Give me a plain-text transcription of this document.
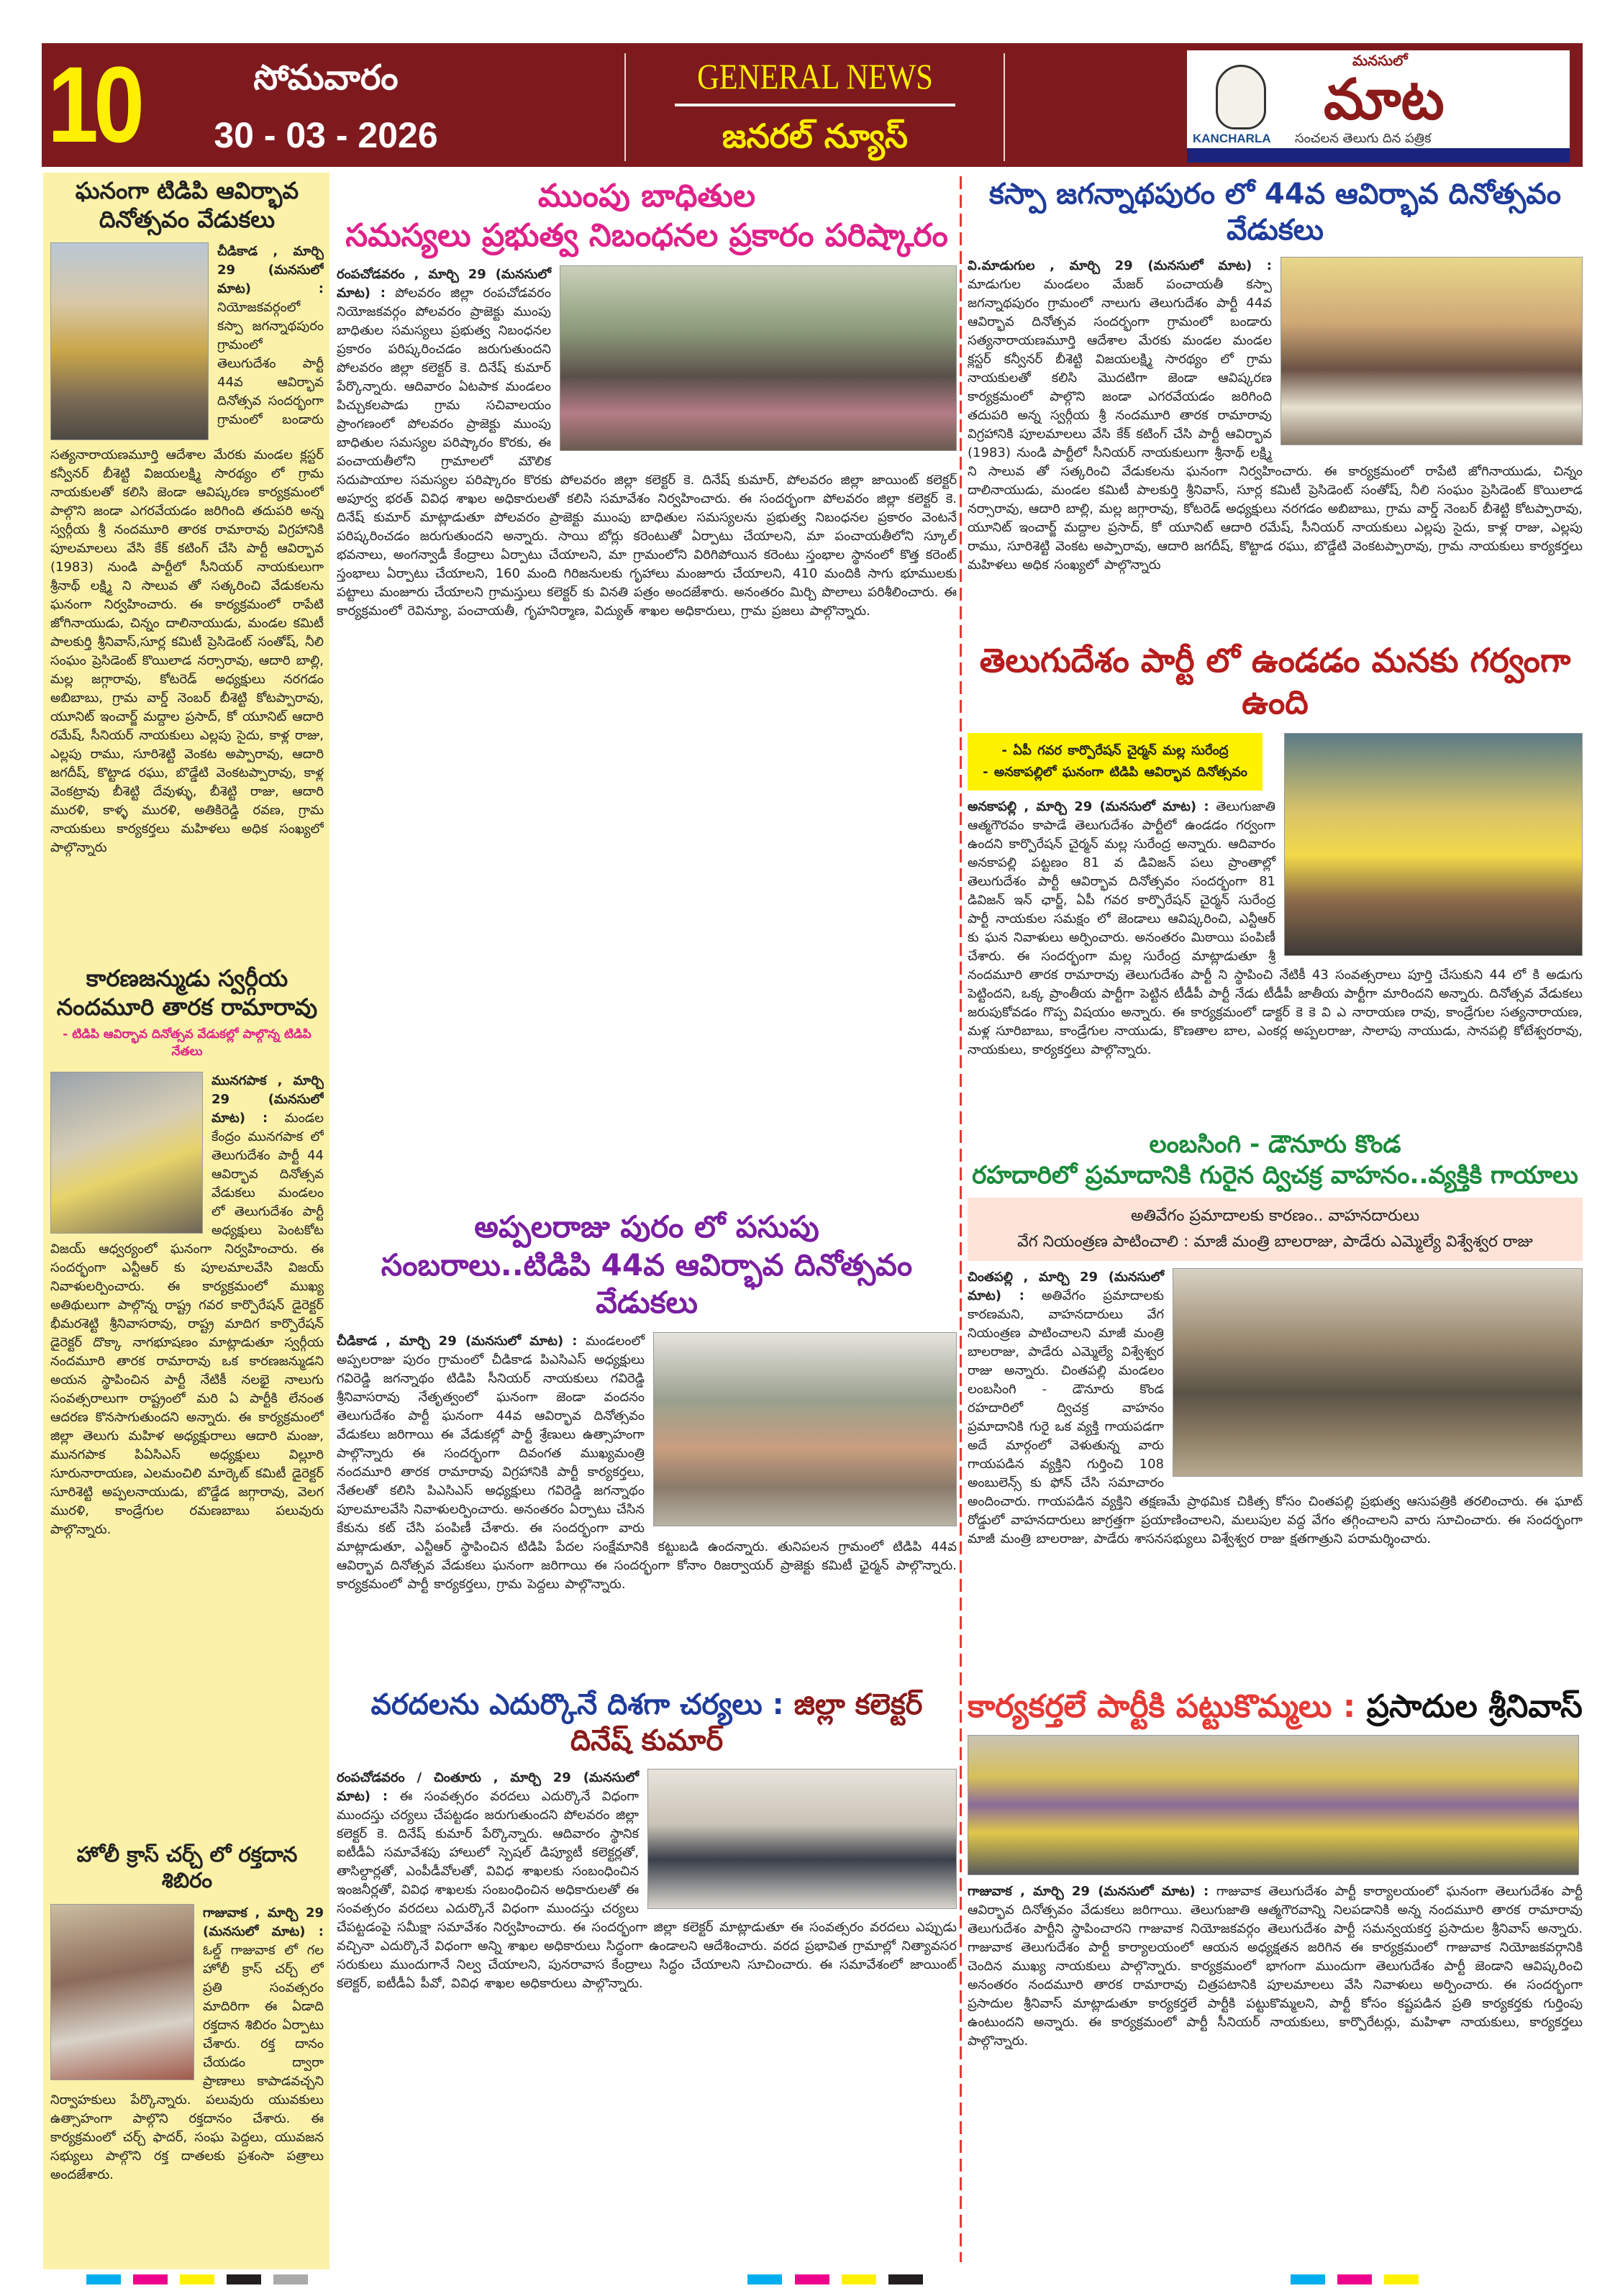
10	సోమవారం
30 - 03 - 2026
GENERAL NEWS
జనరల్ న్యూస్	KANCHARLA
మనసులో
మాట
సంచలన తెలుగు దిన పత్రిక
ఘనంగా టిడిపి ఆవిర్భావ దినోత్సవం వేడుకలు
చీడికాడ , మార్చి 29 (మనసులో మాట) : నియోజకవర్గంలో కస్పా జగన్నాథపురం గ్రామంలో తెలుగుదేశం పార్టీ 44వ ఆవిర్భావ దినోత్సవ సందర్భంగా గ్రామంలో బండారు సత్యనారాయణమూర్తి ఆదేశాల మేరకు మండల క్లస్టర్ కన్వీనర్ బీశెట్టి విజయలక్ష్మి సారథ్యం లో గ్రామ నాయకులతో కలిసి జెండా ఆవిష్కరణ కార్యక్రమంలో పాల్గొని జండా ఎగరవేయడం జరిగింది తదుపరి అన్న స్వర్గీయ శ్రీ నందమూరి తారక రామారావు విగ్రహానికి పూలమాలలు వేసి కేక్ కటింగ్ చేసి పార్టీ ఆవిర్భావ (1983) నుండి పార్టీలో సీనియర్ నాయకులుగా శ్రీనాథ్ లక్ష్మి ని సాలువ తో సత్కరించి వేడుకలను ఘనంగా నిర్వహించారు. ఈ కార్యక్రమంలో రాపేటి జోగినాయుడు, చిన్నం దాలినాయుడు, మండల కమిటీ పాలకుర్తి శ్రీనివాస్,సూర్ల కమిటీ ప్రెసిడెంట్ సంతోష్, నీలి సంఘం ప్రెసిడెంట్ కొయిలాడ నర్సారావు, ఆదారి బాల్లి, మల్ల జగ్గారావు, కోటరెడ్ అధ్యక్షులు నరగడం అబిబాబు, గ్రామ వార్డ్ నెంబర్ బీశెట్టి కోటప్పారావు, యూనిట్ ఇంచార్జ్ మద్దాల ప్రసాద్, కో యూనిట్ ఆదారి రమేష్, సీనియర్ నాయకులు ఎల్లపు సైదు, కాళ్ల రాజు, ఎల్లపు రాము, సూరిశెట్టి వెంకట అప్పారావు, ఆదారి జగదీష్, కొట్టాడ రఘు, బొడ్డేటి వెంకటప్పారావు, కాళ్ల వెంకట్రావు బీశెట్టి దేవుళ్ళు, బీశెట్టి రాజు, ఆదారి మురళి, కాళ్ళ మురళి, అతికిరెడ్డి రవణ, గ్రామ నాయకులు కార్యకర్తలు మహిళలు అధిక సంఖ్యలో పాల్గొన్నారు
కారణజన్ముడు స్వర్గీయ నందమూరి తారక రామారావు
- టిడిపి ఆవిర్భావ దినోత్సవ వేడుకల్లో పాల్గొన్న టిడిపి నేతలు
మునగపాక , మార్చి 29 (మనసులో మాట) : మండల కేంద్రం మునగపాక లో తెలుగుదేశం పార్టీ 44 ఆవిర్భావ దినోత్సవ వేడుకలు మండలం లో తెలుగుదేశం పార్టీ అధ్యక్షులు పెంటకోట విజయ్ ఆధ్వర్యంలో ఘనంగా నిర్వహించారు. ఈ సందర్భంగా ఎన్టీఆర్ కు పూలమాలవేసి విజయ్ నివాళులర్పించారు. ఈ కార్యక్రమంలో ముఖ్య అతిథులుగా పాల్గొన్న రాష్ట్ర గవర కార్పొరేషన్ డైరెక్టర్ భీమరశెట్టి శ్రీనివాసరావు, రాష్ట్ర మాదిగ కార్పొరేషన్ డైరెక్టర్ దొక్కా నాగభూషణం మాట్లాడుతూ స్వర్గీయ నందమూరి తారక రామారావు ఒక కారణజన్ముడని అయన స్థాపించిన పార్టీ నేటికీ నలభై నాలుగు సంవత్సరాలుగా రాష్ట్రంలో మరి ఏ పార్టీకి లేనంత ఆదరణ కొనసాగుతుందని అన్నారు. ఈ కార్యక్రమంలో జిల్లా తెలుగు మహిళ అధ్యక్షురాలు ఆదారి మంజు, మునగపాక పిఏసిఎస్ అధ్యక్షులు విల్లూరి సూరునారాయణ, ఎలమంచిలి మార్కెట్ కమిటీ డైరెక్టర్ సూరిశెట్టి అప్పలనాయుడు, బొడ్డేడ జగ్గారావు, వెలగ మురళి, కాండ్రేగుల రమణబాబు పలువురు పాల్గొన్నారు.
హోలీ క్రాస్ చర్చ్ లో రక్తదాన శిబిరం
గాజువాక , మార్చి 29 (మనసులో మాట) : ఓల్డ్ గాజువాక లో గల హోలీ క్రాస్ చర్చ్ లో ప్రతి సంవత్సరం మాదిరిగా ఈ ఏడాది రక్తదాన శిబిరం ఏర్పాటు చేశారు. రక్త దానం చేయడం ద్వారా ప్రాణాలు కాపాడవచ్చని నిర్వాహకులు పేర్కొన్నారు. పలువురు యువకులు ఉత్సాహంగా పాల్గొని రక్తదానం చేశారు. ఈ కార్యక్రమంలో చర్చ్ ఫాదర్, సంఘ పెద్దలు, యువజన సభ్యులు పాల్గొని రక్త దాతలకు ప్రశంసా పత్రాలు అందజేశారు.
ముంపు బాధితుల
సమస్యలు ప్రభుత్వ నిబంధనల ప్రకారం పరిష్కారం
రంపచోడవరం , మార్చి 29 (మనసులో మాట) : పోలవరం జిల్లా రంపచోడవరం నియోజకవర్గం పోలవరం ప్రాజెక్టు ముంపు బాధితుల సమస్యలు ప్రభుత్వ నిబంధనల ప్రకారం పరిష్కరించడం జరుగుతుందని పోలవరం జిల్లా కలెక్టర్ కె. దినేష్ కుమార్ పేర్కొన్నారు. ఆదివారం ఏటపాక మండలం పిచ్చుకలపాడు గ్రామ సచివాలయం ప్రాంగణంలో పోలవరం ప్రాజెక్టు ముంపు బాధితుల సమస్యల పరిష్కారం కొరకు, ఈ పంచాయతీలోని గ్రామాలలో మౌలిక సదుపాయాల సమస్యల పరిష్కారం కొరకు పోలవరం జిల్లా కలెక్టర్ కె. దినేష్ కుమార్, పోలవరం జిల్లా జాయింట్ కలెక్టర్ అపూర్వ భరత్ వివిధ శాఖల అధికారులతో కలిసి సమావేశం నిర్వహించారు. ఈ సందర్భంగా పోలవరం జిల్లా కలెక్టర్ కె. దినేష్ కుమార్ మాట్లాడుతూ పోలవరం ప్రాజెక్టు ముంపు బాధితుల సమస్యలను ప్రభుత్వ నిబంధనల ప్రకారం వెంటనే పరిష్కరించడం జరుగుతుందని అన్నారు. సాయి బోర్లు కరెంటుతో ఏర్పాటు చేయాలని, మా పంచాయతీలోని స్కూల్ భవనాలు, అంగన్వాడీ కేంద్రాలు ఏర్పాటు చేయాలని, మా గ్రామంలోని విరిగిపోయిన కరెంటు స్తంభాల స్థానంలో కొత్త కరెంట్ స్తంభాలు ఏర్పాటు చేయాలని, 160 మంది గిరిజనులకు గృహాలు మంజూరు చేయాలని, 410 మందికి సాగు భూములకు పట్టాలు మంజూరు చేయాలని గ్రామస్తులు కలెక్టర్ కు వినతి పత్రం అందజేశారు. అనంతరం మిర్చి పొలాలు పరిశీలించారు. ఈ కార్యక్రమంలో రెవిన్యూ, పంచాయతీ, గృహనిర్మాణ, విద్యుత్ శాఖల అధికారులు, గ్రామ ప్రజలు పాల్గొన్నారు.
అప్పలరాజు పురం లో పసుపు
సంబరాలు..టిడిపి 44వ ఆవిర్భావ దినోత్సవం వేడుకలు
చీడికాడ , మార్చి 29 (మనసులో మాట) : మండలంలో అప్పలరాజు పురం గ్రామంలో చీడికాడ పిఎసిఎస్ అధ్యక్షులు గవిరెడ్డి జగన్నాథం టిడిపి సీనియర్ నాయకులు గవిరెడ్డి శ్రీనివాసరావు నేతృత్వంలో ఘనంగా జెండా వందనం తెలుగుదేశం పార్టీ ఘనంగా 44వ ఆవిర్భావ దినోత్సవం వేడుకలు జరిగాయి ఈ వేడుకల్లో పార్టీ శ్రేణులు ఉత్సాహంగా పాల్గొన్నారు ఈ సందర్భంగా దివంగత ముఖ్యమంత్రి నందమూరి తారక రామారావు విగ్రహానికి పార్టీ కార్యకర్తలు, నేతలతో కలిసి పిఎసిఎస్ అధ్యక్షులు గవిరెడ్డి జగన్నాథం పూలమాలవేసి నివాళులర్పించారు. అనంతరం ఏర్పాటు చేసిన కేకును కట్ చేసి పంపిణీ చేశారు. ఈ సందర్భంగా వారు మాట్లాడుతూ, ఎన్టీఆర్ స్థాపించిన టిడిపి పేదల సంక్షేమానికి కట్టుబడి ఉందన్నారు. తునిపలన గ్రామంలో టిడిపి 44వ ఆవిర్భావ దినోత్సవ వేడుకలు ఘనంగా జరిగాయి ఈ సందర్భంగా కోనాం రిజర్వాయర్ ప్రాజెక్టు కమిటీ ఛైర్మన్ పాల్గొన్నారు. కార్యక్రమంలో పార్టీ కార్యకర్తలు, గ్రామ పెద్దలు పాల్గొన్నారు.
వరదలను ఎదుర్కొనే దిశగా చర్యలు : జిల్లా కలెక్టర్ దినేష్ కుమార్
రంపచోడవరం / చింతూరు , మార్చి 29 (మనసులో మాట) : ఈ సంవత్సరం వరదలు ఎదుర్కొనే విధంగా ముందస్తు చర్యలు చేపట్టడం జరుగుతుందని పోలవరం జిల్లా కలెక్టర్ కె. దినేష్ కుమార్ పేర్కొన్నారు. ఆదివారం స్థానిక ఐటీడీఏ సమావేశపు హాలులో స్పెషల్ డిప్యూటీ కలెక్టర్లతో, తాసిల్దార్లతో, ఎంపీడీవోలతో, వివిధ శాఖలకు సంబంధించిన ఇంజనీర్లతో, వివిధ శాఖలకు సంబంధించిన అధికారులతో ఈ సంవత్సరం వరదలు ఎదుర్కొనే విధంగా ముందస్తు చర్యలు చేపట్టడంపై సమీక్షా సమావేశం నిర్వహించారు. ఈ సందర్భంగా జిల్లా కలెక్టర్ మాట్లాడుతూ ఈ సంవత్సరం వరదలు ఎప్పుడు వచ్చినా ఎదుర్కొనే విధంగా అన్ని శాఖల అధికారులు సిద్ధంగా ఉండాలని ఆదేశించారు. వరద ప్రభావిత గ్రామాల్లో నిత్యావసర సరుకులు ముందుగానే నిల్వ చేయాలని, పునరావాస కేంద్రాలు సిద్ధం చేయాలని సూచించారు. ఈ సమావేశంలో జాయింట్ కలెక్టర్, ఐటీడీఏ పీవో, వివిధ శాఖల అధికారులు పాల్గొన్నారు.
కస్పా జగన్నాథపురం లో 44వ ఆవిర్భావ దినోత్సవం వేడుకలు
వి.మాడుగుల , మార్చి 29 (మనసులో మాట) : మాడుగుల మండలం మేజర్ పంచాయతీ కస్పా జగన్నాథపురం గ్రామంలో నాలుగు తెలుగుదేశం పార్టీ 44వ ఆవిర్భావ దినోత్సవ సందర్భంగా గ్రామంలో బండారు సత్యనారాయణమూర్తి ఆదేశాల మేరకు మండల మండల క్లస్టర్ కన్వీనర్ బీశెట్టి విజయలక్ష్మి సారథ్యం లో గ్రామ నాయకులతో కలిసి మొదటిగా జెండా ఆవిష్కరణ కార్యక్రమంలో పాల్గొని జండా ఎగరవేయడం జరిగింది తదుపరి అన్న స్వర్గీయ శ్రీ నందమూరి తారక రామారావు విగ్రహానికి పూలమాలలు వేసి కేక్ కటింగ్ చేసి పార్టీ ఆవిర్భావ (1983) నుండి పార్టీలో సీనియర్ నాయకులుగా శ్రీనాథ్ లక్ష్మి ని సాలువ తో సత్కరించి వేడుకలను ఘనంగా నిర్వహించారు. ఈ కార్యక్రమంలో రాపేటి జోగినాయుడు, చిన్నం దాలినాయుడు, మండల కమిటీ పాలకుర్తి శ్రీనివాస్, సూర్ల కమిటీ ప్రెసిడెంట్ సంతోష్, నీలి సంఘం ప్రెసిడెంట్ కొయిలాడ నర్సారావు, ఆదారి బాల్లి, మల్ల జగ్గారావు, కోటరెడ్ అధ్యక్షులు నరగడం అబిబాబు, గ్రామ వార్డ్ నెంబర్ బీశెట్టి కోటప్పారావు, యూనిట్ ఇంచార్జ్ మద్దాల ప్రసాద్, కో యూనిట్ ఆదారి రమేష్, సీనియర్ నాయకులు ఎల్లపు సైదు, కాళ్ల రాజు, ఎల్లపు రాము, సూరిశెట్టి వెంకట అప్పారావు, ఆదారి జగదీష్, కొట్టాడ రఘు, బొడ్డేటి వెంకటప్పారావు, గ్రామ నాయకులు కార్యకర్తలు మహిళలు అధిక సంఖ్యలో పాల్గొన్నారు
తెలుగుదేశం పార్టీ లో ఉండడం మనకు గర్వంగా ఉంది
- ఏపీ గవర కార్పొరేషన్ చైర్మన్ మల్ల సురేంద్ర
- అనకాపల్లిలో ఘనంగా టిడిపి ఆవిర్భావ దినోత్సవం
అనకాపల్లి , మార్చి 29 (మనసులో మాట) : తెలుగుజాతి ఆత్మగౌరవం కాపాడే తెలుగుదేశం పార్టీలో ఉండడం గర్వంగా ఉందని కార్పొరేషన్ చైర్మన్ మల్ల సురేంద్ర అన్నారు. ఆదివారం అనకాపల్లి పట్టణం 81 వ డివిజన్ పలు ప్రాంతాల్లో తెలుగుదేశం పార్టీ ఆవిర్భావ దినోత్సవం సందర్భంగా 81 డివిజన్ ఇన్ ఛార్జ్, ఏపీ గవర కార్పొరేషన్ చైర్మన్ సురేంద్ర పార్టీ నాయకుల సమక్షం లో జెండాలు ఆవిష్కరించి, ఎన్టీఆర్ కు ఘన నివాళులు అర్పించారు. అనంతరం మిఠాయి పంపిణీ చేశారు. ఈ సందర్భంగా మల్ల సురేంద్ర మాట్లాడుతూ శ్రీ నందమూరి తారక రామారావు తెలుగుదేశం పార్టీ ని స్థాపించి నేటికీ 43 సంవత్సరాలు పూర్తి చేసుకుని 44 లో కి అడుగు పెట్టిందని, ఒక్క ప్రాంతీయ పార్టీగా పెట్టిన టీడీపీ పార్టీ నేడు టీడీపీ జాతీయ పార్టీగా మారిందని అన్నారు. దినోత్సవ వేడుకలు జరుపుకోవడం గొప్ప విషయం అన్నారు. ఈ కార్యక్రమంలో డాక్టర్ కె కె వి ఎ నారాయణ రావు, కాండ్రేగుల సత్యనారాయణ, మళ్ల సూరిబాబు, కాండ్రేగుల నాయుడు, కొణతాల బాల, ఎంకర్ల అప్పలరాజు, సాలాపు నాయుడు, సానపల్లి కోటేశ్వరరావు, నాయకులు, కార్యకర్తలు పాల్గొన్నారు.
లంబసింగి - డౌనూరు కొండ
రహదారిలో ప్రమాదానికి గురైన ద్విచక్ర వాహనం..వ్యక్తికి గాయాలు
అతివేగం ప్రమాదాలకు కారణం.. వాహనదారులు
వేగ నియంత్రణ పాటించాలి : మాజీ మంత్రి బాలరాజు, పాడేరు ఎమ్మెల్యే విశ్వేశ్వర రాజు
చింతపల్లి , మార్చి 29 (మనసులో మాట) : అతివేగం ప్రమాదాలకు కారణమని, వాహనదారులు వేగ నియంత్రణ పాటించాలని మాజీ మంత్రి బాలరాజు, పాడేరు ఎమ్మెల్యే విశ్వేశ్వర రాజు అన్నారు. చింతపల్లి మండలం లంబసింగి - డౌనూరు కొండ రహదారిలో ద్విచక్ర వాహనం ప్రమాదానికి గురై ఒక వ్యక్తి గాయపడగా అదే మార్గంలో వెళుతున్న వారు గాయపడిన వ్యక్తిని గుర్తించి 108 అంబులెన్స్ కు ఫోన్ చేసి సమాచారం అందించారు. గాయపడిన వ్యక్తిని తక్షణమే ప్రాథమిక చికిత్స కోసం చింతపల్లి ప్రభుత్వ ఆసుపత్రికి తరలించారు. ఈ ఘాట్ రోడ్డులో వాహనదారులు జాగ్రత్తగా ప్రయాణించాలని, మలుపుల వద్ద వేగం తగ్గించాలని వారు సూచించారు. ఈ సందర్భంగా మాజీ మంత్రి బాలరాజు, పాడేరు శాసనసభ్యులు విశ్వేశ్వర రాజు క్షతగాత్రుని పరామర్శించారు.
కార్యకర్తలే పార్టీకి పట్టుకొమ్మలు : ప్రసాదుల శ్రీనివాస్
గాజువాక , మార్చి 29 (మనసులో మాట) : గాజువాక తెలుగుదేశం పార్టీ కార్యాలయంలో ఘనంగా తెలుగుదేశం పార్టీ ఆవిర్భావ దినోత్సవం వేడుకలు జరిగాయి. తెలుగుజాతి ఆత్మగౌరవాన్ని నిలపడానికి అన్న నందమూరి తారక రామారావు తెలుగుదేశం పార్టీని స్థాపించారని గాజువాక నియోజకవర్గం తెలుగుదేశం పార్టీ సమన్వయకర్త ప్రసాదుల శ్రీనివాస్ అన్నారు. గాజువాక తెలుగుదేశం పార్టీ కార్యాలయంలో ఆయన అధ్యక్షతన జరిగిన ఈ కార్యక్రమంలో గాజువాక నియోజకవర్గానికి చెందిన ముఖ్య నాయకులు పాల్గొన్నారు. కార్యక్రమంలో భాగంగా ముందుగా తెలుగుదేశం పార్టీ జెండాని ఆవిష్కరించి అనంతరం నందమూరి తారక రామారావు చిత్రపటానికి పూలమాలలు వేసి నివాళులు అర్పించారు. ఈ సందర్భంగా ప్రసాదుల శ్రీనివాస్ మాట్లాడుతూ కార్యకర్తలే పార్టీకి పట్టుకొమ్మలని, పార్టీ కోసం కష్టపడిన ప్రతి కార్యకర్తకు గుర్తింపు ఉంటుందని అన్నారు. ఈ కార్యక్రమంలో పార్టీ సీనియర్ నాయకులు, కార్పొరేటర్లు, మహిళా నాయకులు, కార్యకర్తలు పాల్గొన్నారు.
